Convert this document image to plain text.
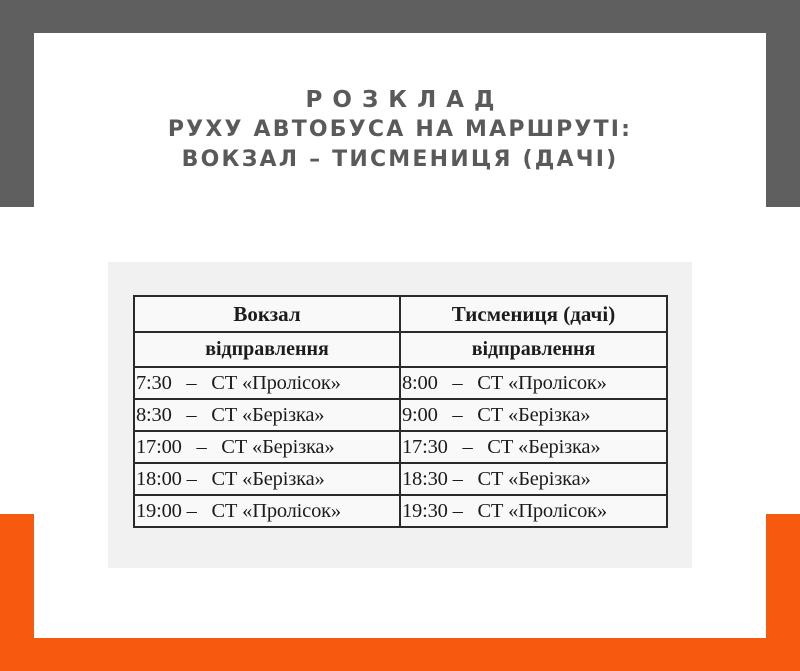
РОЗКЛАД
РУХУ АВТОБУСА НА МАРШРУТІ:
ВОКЗАЛ – ТИСМЕНИЦЯ (ДАЧІ)
Вокзал	Тисмениця (дачі)
відправлення	відправлення
7:30   –   СТ «Пролісок»	8:00   –   СТ «Пролісок»
8:30   –   СТ «Берізка»	9:00   –   СТ «Берізка»
17:00   –   СТ «Берізка»	17:30   –   СТ «Берізка»
18:00 –   СТ «Берізка»	18:30 –   СТ «Берізка»
19:00 –   СТ «Пролісок»	19:30 –   СТ «Пролісок»
